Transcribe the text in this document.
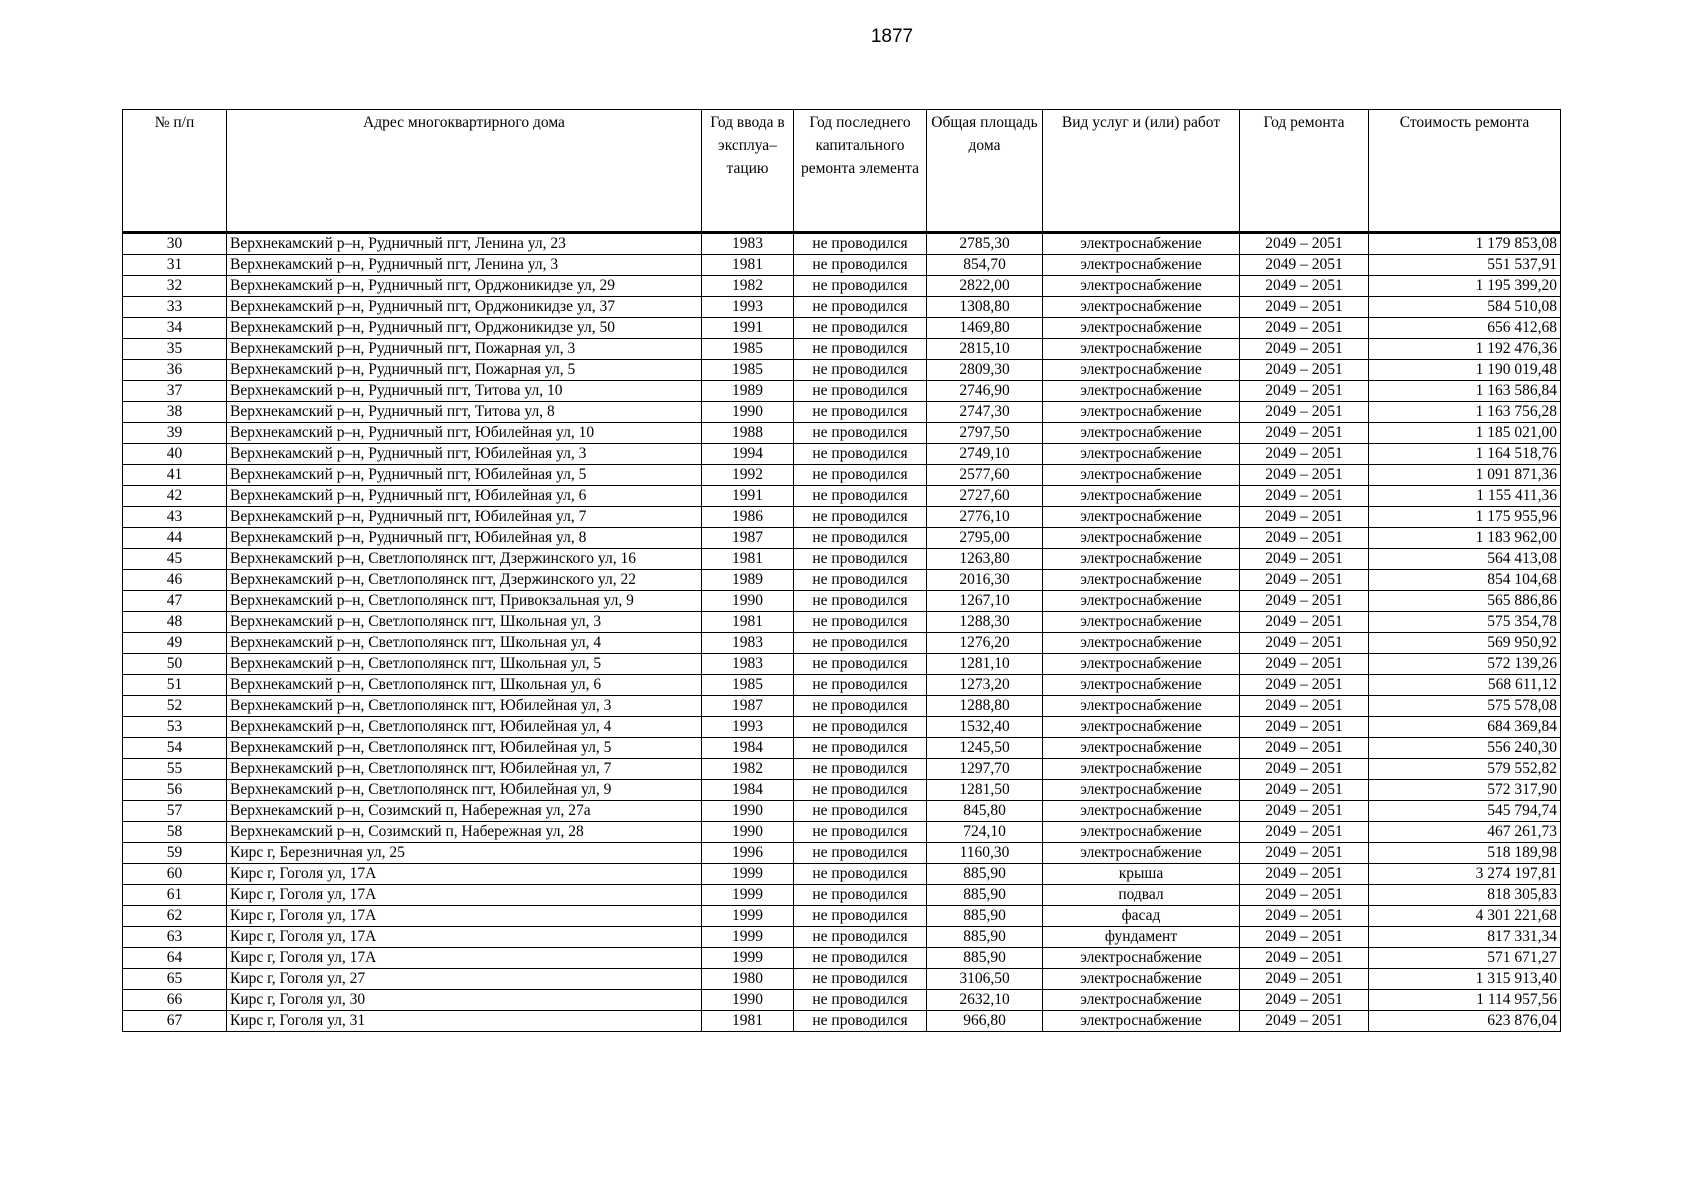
1877
№ п/п	Адрес многоквартирного дома	Год ввода в эксплуа– тацию	Год последнего капитального ремонта элемента	Общая площадь дома	Вид услуг и (или) работ	Год ремонта	Стоимость ремонта
30	Верхнекамский р–н, Рудничный пгт, Ленина ул, 23	1983	не проводился	2785,30	электроснабжение	2049 – 2051	1 179 853,08
31	Верхнекамский р–н, Рудничный пгт, Ленина ул, 3	1981	не проводился	854,70	электроснабжение	2049 – 2051	551 537,91
32	Верхнекамский р–н, Рудничный пгт, Орджоникидзе ул, 29	1982	не проводился	2822,00	электроснабжение	2049 – 2051	1 195 399,20
33	Верхнекамский р–н, Рудничный пгт, Орджоникидзе ул, 37	1993	не проводился	1308,80	электроснабжение	2049 – 2051	584 510,08
34	Верхнекамский р–н, Рудничный пгт, Орджоникидзе ул, 50	1991	не проводился	1469,80	электроснабжение	2049 – 2051	656 412,68
35	Верхнекамский р–н, Рудничный пгт, Пожарная ул, 3	1985	не проводился	2815,10	электроснабжение	2049 – 2051	1 192 476,36
36	Верхнекамский р–н, Рудничный пгт, Пожарная ул, 5	1985	не проводился	2809,30	электроснабжение	2049 – 2051	1 190 019,48
37	Верхнекамский р–н, Рудничный пгт, Титова ул, 10	1989	не проводился	2746,90	электроснабжение	2049 – 2051	1 163 586,84
38	Верхнекамский р–н, Рудничный пгт, Титова ул, 8	1990	не проводился	2747,30	электроснабжение	2049 – 2051	1 163 756,28
39	Верхнекамский р–н, Рудничный пгт, Юбилейная ул, 10	1988	не проводился	2797,50	электроснабжение	2049 – 2051	1 185 021,00
40	Верхнекамский р–н, Рудничный пгт, Юбилейная ул, 3	1994	не проводился	2749,10	электроснабжение	2049 – 2051	1 164 518,76
41	Верхнекамский р–н, Рудничный пгт, Юбилейная ул, 5	1992	не проводился	2577,60	электроснабжение	2049 – 2051	1 091 871,36
42	Верхнекамский р–н, Рудничный пгт, Юбилейная ул, 6	1991	не проводился	2727,60	электроснабжение	2049 – 2051	1 155 411,36
43	Верхнекамский р–н, Рудничный пгт, Юбилейная ул, 7	1986	не проводился	2776,10	электроснабжение	2049 – 2051	1 175 955,96
44	Верхнекамский р–н, Рудничный пгт, Юбилейная ул, 8	1987	не проводился	2795,00	электроснабжение	2049 – 2051	1 183 962,00
45	Верхнекамский р–н, Светлополянск пгт, Дзержинского ул, 16	1981	не проводился	1263,80	электроснабжение	2049 – 2051	564 413,08
46	Верхнекамский р–н, Светлополянск пгт, Дзержинского ул, 22	1989	не проводился	2016,30	электроснабжение	2049 – 2051	854 104,68
47	Верхнекамский р–н, Светлополянск пгт, Привокзальная ул, 9	1990	не проводился	1267,10	электроснабжение	2049 – 2051	565 886,86
48	Верхнекамский р–н, Светлополянск пгт, Школьная ул, 3	1981	не проводился	1288,30	электроснабжение	2049 – 2051	575 354,78
49	Верхнекамский р–н, Светлополянск пгт, Школьная ул, 4	1983	не проводился	1276,20	электроснабжение	2049 – 2051	569 950,92
50	Верхнекамский р–н, Светлополянск пгт, Школьная ул, 5	1983	не проводился	1281,10	электроснабжение	2049 – 2051	572 139,26
51	Верхнекамский р–н, Светлополянск пгт, Школьная ул, 6	1985	не проводился	1273,20	электроснабжение	2049 – 2051	568 611,12
52	Верхнекамский р–н, Светлополянск пгт, Юбилейная ул, 3	1987	не проводился	1288,80	электроснабжение	2049 – 2051	575 578,08
53	Верхнекамский р–н, Светлополянск пгт, Юбилейная ул, 4	1993	не проводился	1532,40	электроснабжение	2049 – 2051	684 369,84
54	Верхнекамский р–н, Светлополянск пгт, Юбилейная ул, 5	1984	не проводился	1245,50	электроснабжение	2049 – 2051	556 240,30
55	Верхнекамский р–н, Светлополянск пгт, Юбилейная ул, 7	1982	не проводился	1297,70	электроснабжение	2049 – 2051	579 552,82
56	Верхнекамский р–н, Светлополянск пгт, Юбилейная ул, 9	1984	не проводился	1281,50	электроснабжение	2049 – 2051	572 317,90
57	Верхнекамский р–н, Созимский п, Набережная ул, 27а	1990	не проводился	845,80	электроснабжение	2049 – 2051	545 794,74
58	Верхнекамский р–н, Созимский п, Набережная ул, 28	1990	не проводился	724,10	электроснабжение	2049 – 2051	467 261,73
59	Кирс г, Березничная ул, 25	1996	не проводился	1160,30	электроснабжение	2049 – 2051	518 189,98
60	Кирс г, Гоголя ул, 17А	1999	не проводился	885,90	крыша	2049 – 2051	3 274 197,81
61	Кирс г, Гоголя ул, 17А	1999	не проводился	885,90	подвал	2049 – 2051	818 305,83
62	Кирс г, Гоголя ул, 17А	1999	не проводился	885,90	фасад	2049 – 2051	4 301 221,68
63	Кирс г, Гоголя ул, 17А	1999	не проводился	885,90	фундамент	2049 – 2051	817 331,34
64	Кирс г, Гоголя ул, 17А	1999	не проводился	885,90	электроснабжение	2049 – 2051	571 671,27
65	Кирс г, Гоголя ул, 27	1980	не проводился	3106,50	электроснабжение	2049 – 2051	1 315 913,40
66	Кирс г, Гоголя ул, 30	1990	не проводился	2632,10	электроснабжение	2049 – 2051	1 114 957,56
67	Кирс г, Гоголя ул, 31	1981	не проводился	966,80	электроснабжение	2049 – 2051	623 876,04
